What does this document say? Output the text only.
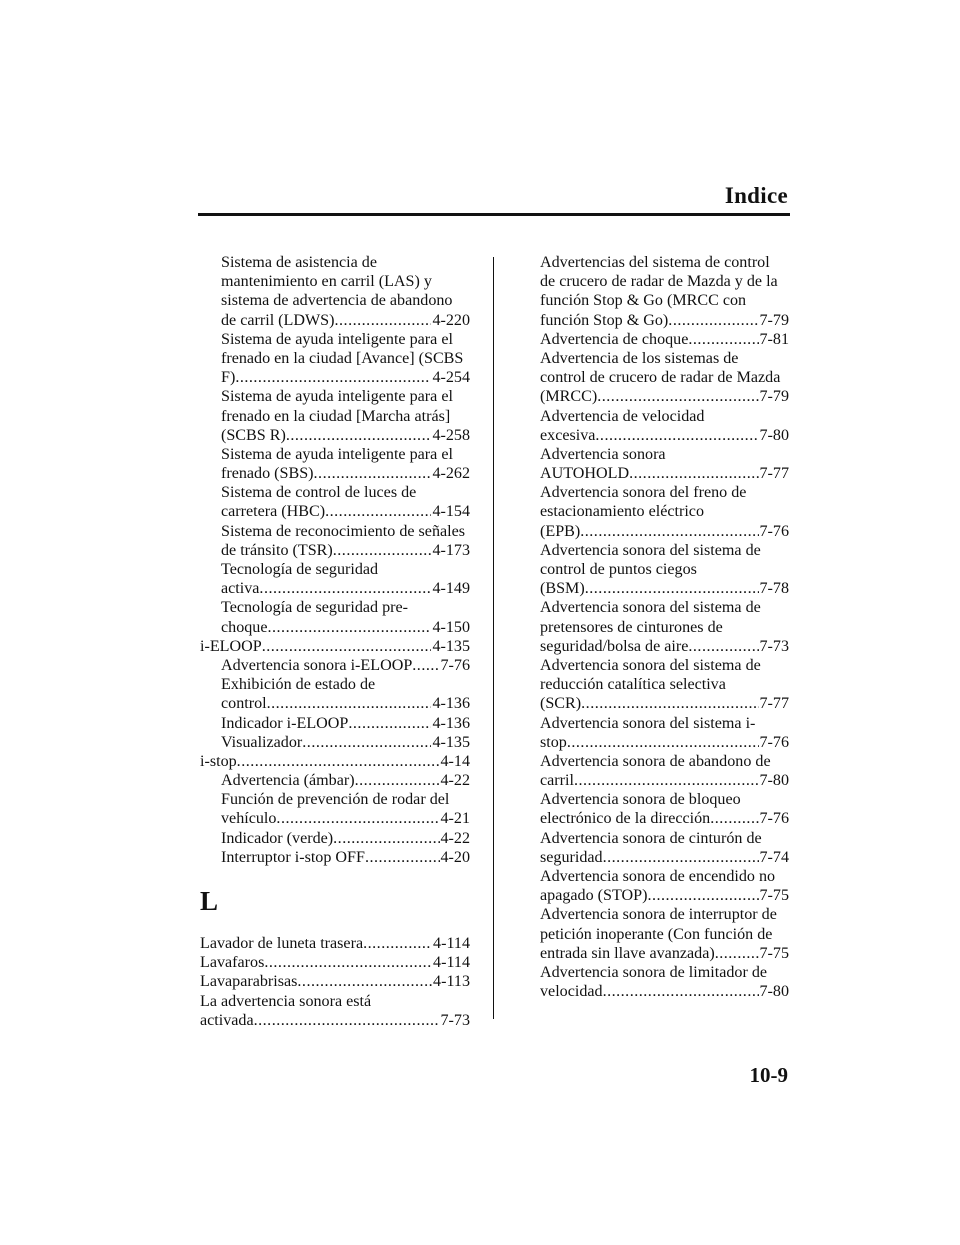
Indice
Sistema de asistencia de
mantenimiento en carril (LAS) y
sistema de advertencia de abandono
de carril (LDWS) .....	4-220
Sistema de ayuda inteligente para el
frenado en la ciudad [Avance] (SCBS
F) .....	4-254
Sistema de ayuda inteligente para el
frenado en la ciudad [Marcha atrás]
(SCBS R) .....	4-258
Sistema de ayuda inteligente para el
frenado (SBS) .....	4-262
Sistema de control de luces de
carretera (HBC) .....	4-154
Sistema de reconocimiento de señales
de tránsito (TSR) .....	4-173
Tecnología de seguridad
activa .....	4-149
Tecnología de seguridad pre-
choque .....	4-150
i-ELOOP .....	4-135
Advertencia sonora i-ELOOP ..... 7-76
Exhibición de estado de
control .....	4-136
Indicador i-ELOOP .....	4-136
Visualizador .....	4-135
i-stop .....	4-14
Advertencia (ámbar) .....	4-22
Función de prevención de rodar del
vehículo .....	4-21
Indicador (verde) .....	4-22
Interruptor i-stop OFF .....	4-20
L
Lavador de luneta trasera .....	4-114
Lavafaros .....	4-114
Lavaparabrisas .....	4-113
La advertencia sonora está
activada .....	7-73
Advertencias del sistema de control
de crucero de radar de Mazda y de la
función Stop & Go (MRCC con
función Stop & Go) .....	7-79
Advertencia de choque .....	7-81
Advertencia de los sistemas de
control de crucero de radar de Mazda
(MRCC) .....	7-79
Advertencia de velocidad
excesiva .....	7-80
Advertencia sonora
AUTOHOLD .....	7-77
Advertencia sonora del freno de
estacionamiento eléctrico
(EPB) .....	7-76
Advertencia sonora del sistema de
control de puntos ciegos
(BSM) .....	7-78
Advertencia sonora del sistema de
pretensores de cinturones de
seguridad/bolsa de aire .....	7-73
Advertencia sonora del sistema de
reducción catalítica selectiva
(SCR) .....	7-77
Advertencia sonora del sistema i-
stop .....	7-76
Advertencia sonora de abandono de
carril .....	7-80
Advertencia sonora de bloqueo
electrónico de la dirección .....	7-76
Advertencia sonora de cinturón de
seguridad .....	7-74
Advertencia sonora de encendido no
apagado (STOP) .....	7-75
Advertencia sonora de interruptor de
petición inoperante (Con función de
entrada sin llave avanzada) .....	7-75
Advertencia sonora de limitador de
velocidad .....	7-80
10-9
